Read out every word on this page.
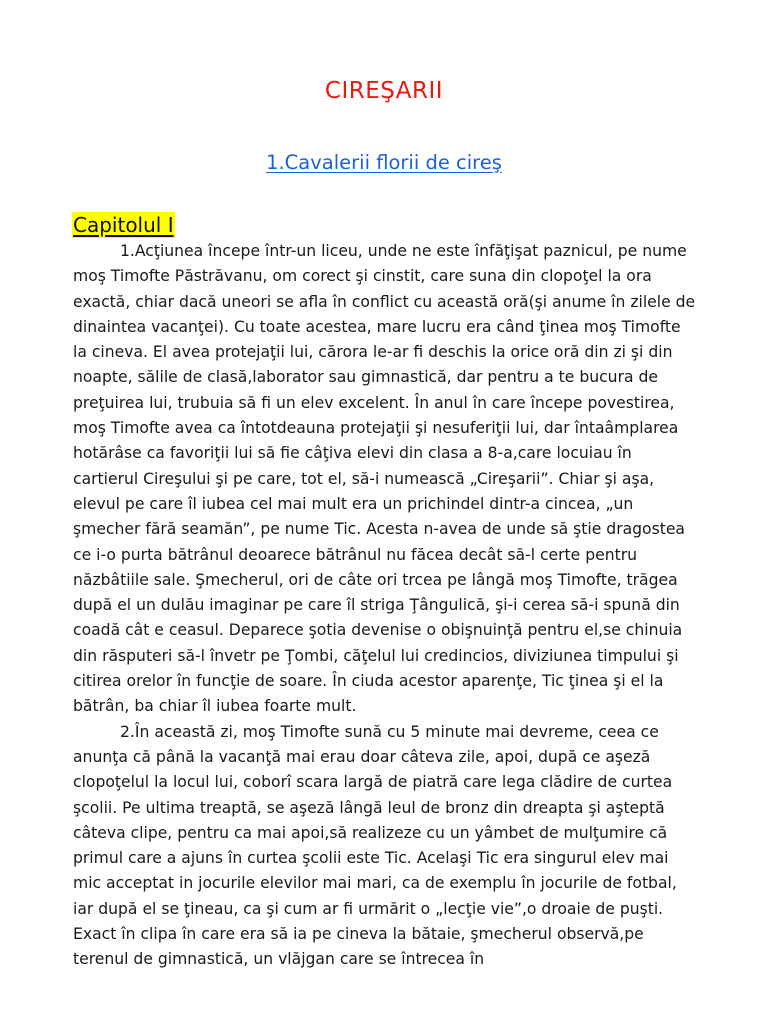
CIREŞARII
1.Cavalerii florii de cireş
Capitolul I

1.Acţiunea începe într-un liceu, unde ne este înfăţişat paznicul, pe nume moş Timofte Păstrăvanu, om corect şi cinstit, care suna din clopoţel la ora exactă, chiar dacă uneori se afla în conflict cu această oră(şi anume în zilele de dinaintea vacanţei). Cu toate acestea, mare lucru era când ţinea moş Timofte la cineva. El avea protejaţii lui, cărora le-ar fi deschis la orice oră din zi şi din noapte, sălile de clasă,laborator sau gimnastică, dar pentru a te bucura de preţuirea lui, trubuia să fi un elev excelent. În anul în care începe povestirea, moş Timofte avea ca întotdeauna protejaţii şi nesuferiţii lui, dar întaâmplarea hotărâse ca favoriţii lui să fie câţiva elevi din clasa a 8-a,care locuiau în cartierul Cireşului şi pe care, tot el, să-i numească „Cireşarii”. Chiar şi aşa, elevul pe care îl iubea cel mai mult era un prichindel dintr-a cincea, „un şmecher fără seamăn”, pe nume Tic. Acesta n-avea de unde să ştie dragostea ce i-o purta bătrânul deoarece bătrânul nu făcea decât să-l certe pentru năzbâtiile sale. Şmecherul, ori de câte ori trcea pe lângă moş Timofte, trăgea după el un dulău imaginar pe care îl striga Ţângulică, şi-i cerea să-i spună din coadă cât e ceasul. Deparece şotia devenise o obişnuinţă pentru el,se chinuia din răsputeri să-l învetr pe Ţombi, căţelul lui credincios, diviziunea timpului şi citirea orelor în funcţie de soare. În ciuda acestor aparenţe, Tic ţinea şi el la bătrân, ba chiar îl iubea foarte mult.

2.În această zi, moş Timofte sună cu 5 minute mai devreme, ceea ce anunţa că până la vacanţă mai erau doar câteva zile, apoi, după ce aşeză clopoţelul la locul lui, coborî scara largă de piatră care lega clădire de curtea şcolii. Pe ultima treaptă, se aşeză lângă leul de bronz din dreapta şi aşteptă câteva clipe, pentru ca mai apoi,să realizeze cu un yâmbet de mulţumire că primul care a ajuns în curtea şcolii este Tic. Acelaşi Tic era singurul elev mai mic acceptat in jocurile elevilor mai mari, ca de exemplu în jocurile de fotbal, iar după el se ţineau, ca şi cum ar fi urmărit o „lecţie vie”,o droaie de puşti. Exact în clipa în care era să ia pe cineva la bătaie, şmecherul observă,pe terenul de gimnastică, un vlăjgan care se întrecea în
